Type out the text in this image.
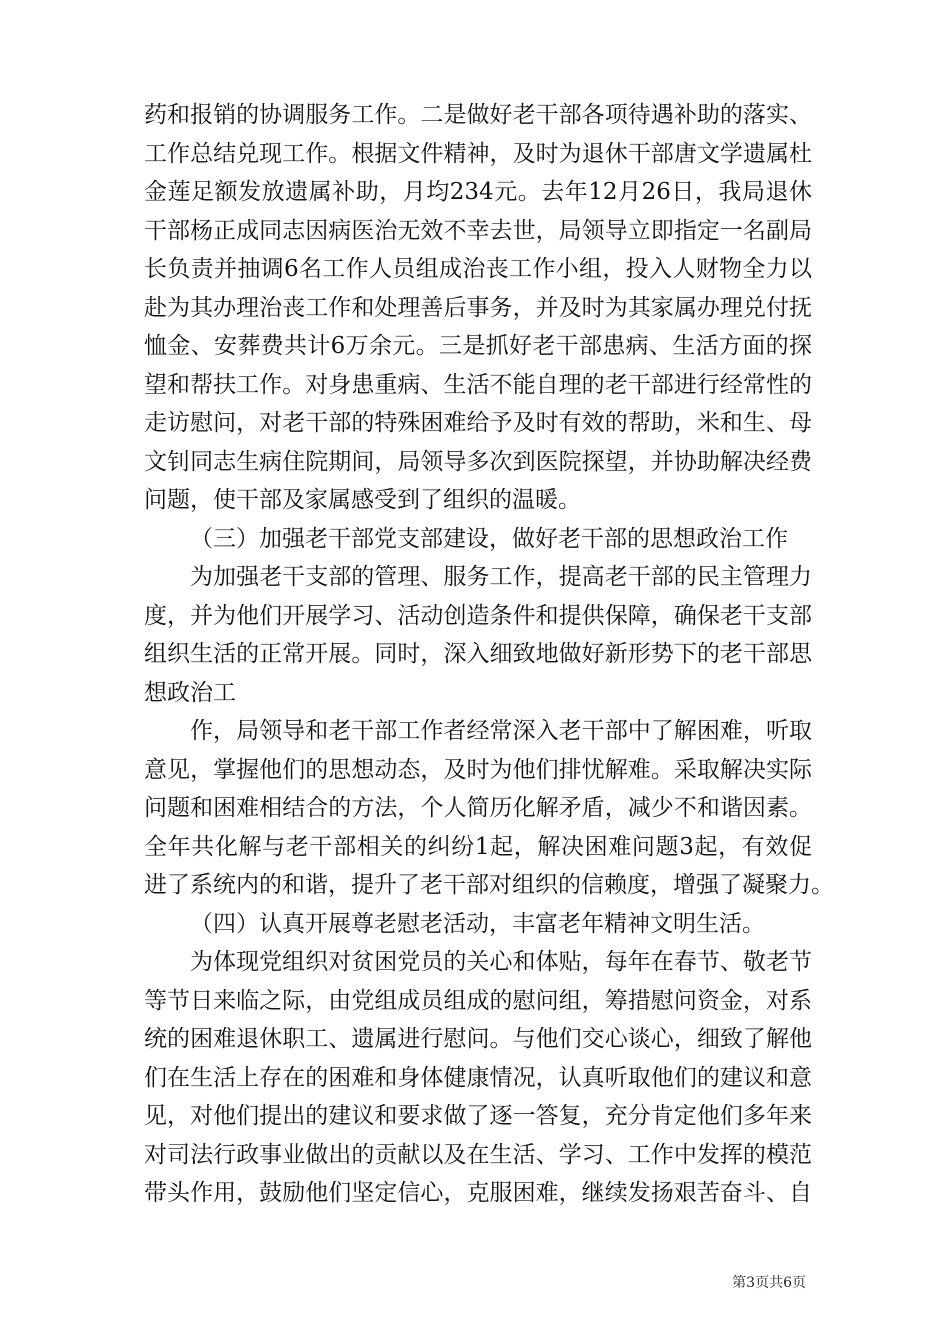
药和报销的协调服务工作。二是做好老干部各项待遇补助的落实、
工作总结兑现工作。根据文件精神，及时为退休干部唐文学遗属杜
金莲足额发放遗属补助，月均234元。去年12月26日，我局退休
干部杨正成同志因病医治无效不幸去世，局领导立即指定一名副局
长负责并抽调6名工作人员组成治丧工作小组，投入人财物全力以
赴为其办理治丧工作和处理善后事务，并及时为其家属办理兑付抚
恤金、安葬费共计6万余元。三是抓好老干部患病、生活方面的探
望和帮扶工作。对身患重病、生活不能自理的老干部进行经常性的
走访慰问，对老干部的特殊困难给予及时有效的帮助，米和生、母
文钊同志生病住院期间，局领导多次到医院探望，并协助解决经费
问题，使干部及家属感受到了组织的温暖。
（三）加强老干部党支部建设，做好老干部的思想政治工作
为加强老干支部的管理、服务工作，提高老干部的民主管理力
度，并为他们开展学习、活动创造条件和提供保障，确保老干支部
组织生活的正常开展。同时，深入细致地做好新形势下的老干部思
想政治工
作，局领导和老干部工作者经常深入老干部中了解困难，听取
意见，掌握他们的思想动态，及时为他们排忧解难。采取解决实际
问题和困难相结合的方法，个人简历化解矛盾，减少不和谐因素。
全年共化解与老干部相关的纠纷1起，解决困难问题3起，有效促
进了系统内的和谐，提升了老干部对组织的信赖度，增强了凝聚力。
（四）认真开展尊老慰老活动，丰富老年精神文明生活。
为体现党组织对贫困党员的关心和体贴，每年在春节、敬老节
等节日来临之际，由党组成员组成的慰问组，筹措慰问资金，对系
统的困难退休职工、遗属进行慰问。与他们交心谈心，细致了解他
们在生活上存在的困难和身体健康情况，认真听取他们的建议和意
见，对他们提出的建议和要求做了逐一答复，充分肯定他们多年来
对司法行政事业做出的贡献以及在生活、学习、工作中发挥的模范
带头作用，鼓励他们坚定信心，克服困难，继续发扬艰苦奋斗、自
第3页共6页
